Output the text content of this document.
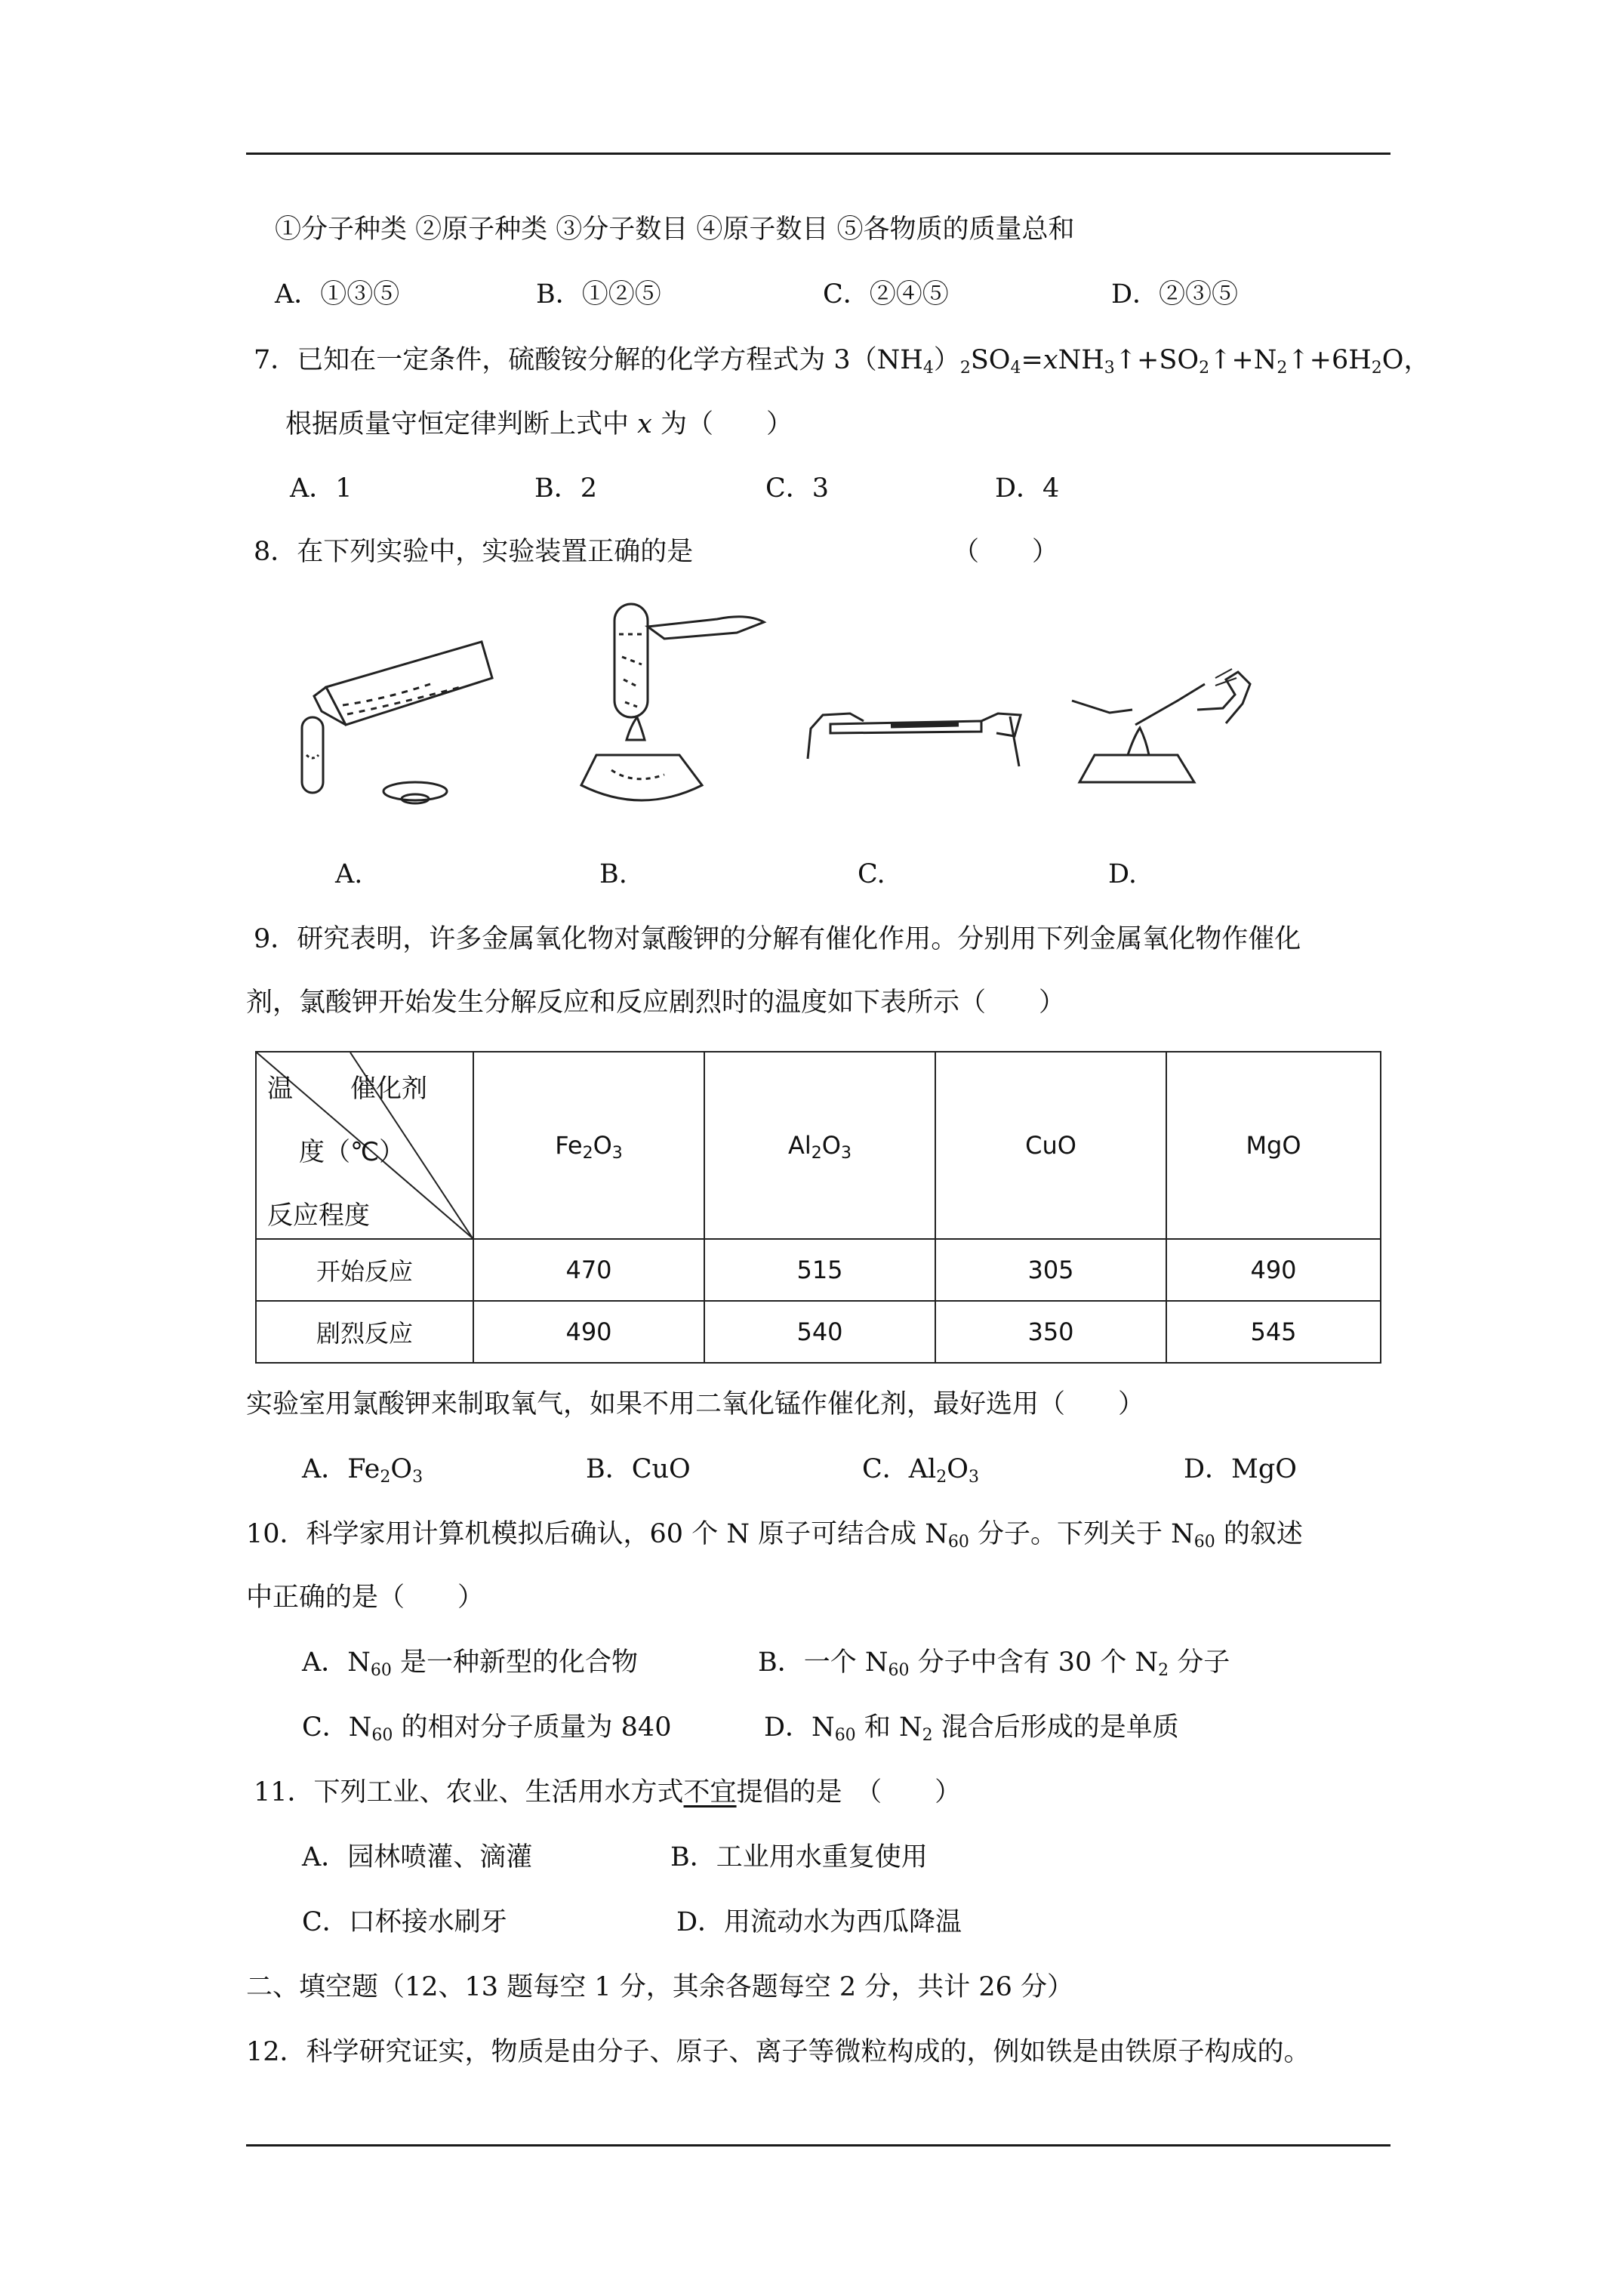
①分子种类 ②原子种类 ③分子数目 ④原子数目 ⑤各物质的质量总和
A．①③⑤	B．①②⑤	C．②④⑤	D．②③⑤
7．已知在一定条件，硫酸铵分解的化学方程式为 $3(NH_4)_2SO_4=xNH_3↑+SO_2↑+N_2↑+6H_2O$，
根据质量守恒定律判断上式中 x 为（　　）
A．1	B．2	C．3	D．4
8．在下列实验中，实验装置正确的是	（　　）
A.	B.	C.	D.
9．研究表明，许多金属氧化物对氯酸钾的分解有催化作用。分别用下列金属氧化物作催化
剂，氯酸钾开始发生分解反应和反应剧烈时的温度如下表所示（　　）
温 催化剂
度（℃）
反应程度	$Fe_2O_3$	$Al_2O_3$	CuO	MgO
开始反应	470	515	305	490
剧烈反应	490	540	350	545
实验室用氯酸钾来制取氧气，如果不用二氧化锰作催化剂，最好选用（　　）
A．$Fe_2O_3$	B．CuO	C．$Al_2O_3$	D．MgO
10．科学家用计算机模拟后确认，60 个 N 原子可结合成 $N_{60}$ 分子。下列关于 $N_{60}$ 的叙述
中正确的是（　　）
A．$N_{60}$ 是一种新型的化合物	B．一个 $N_{60}$ 分子中含有 30 个 $N_2$ 分子
C．$N_{60}$ 的相对分子质量为 840	D．$N_{60}$ 和 $N_2$ 混合后形成的是单质
11．下列工业、农业、生活用水方式不宜提倡的是　（　　）
A．园林喷灌、滴灌	B．工业用水重复使用
C．口杯接水刷牙	D．用流动水为西瓜降温
二、填空题（12、13 题每空 1 分，其余各题每空 2 分，共计 26 分）
12．科学研究证实，物质是由分子、原子、离子等微粒构成的，例如铁是由铁原子构成的。
